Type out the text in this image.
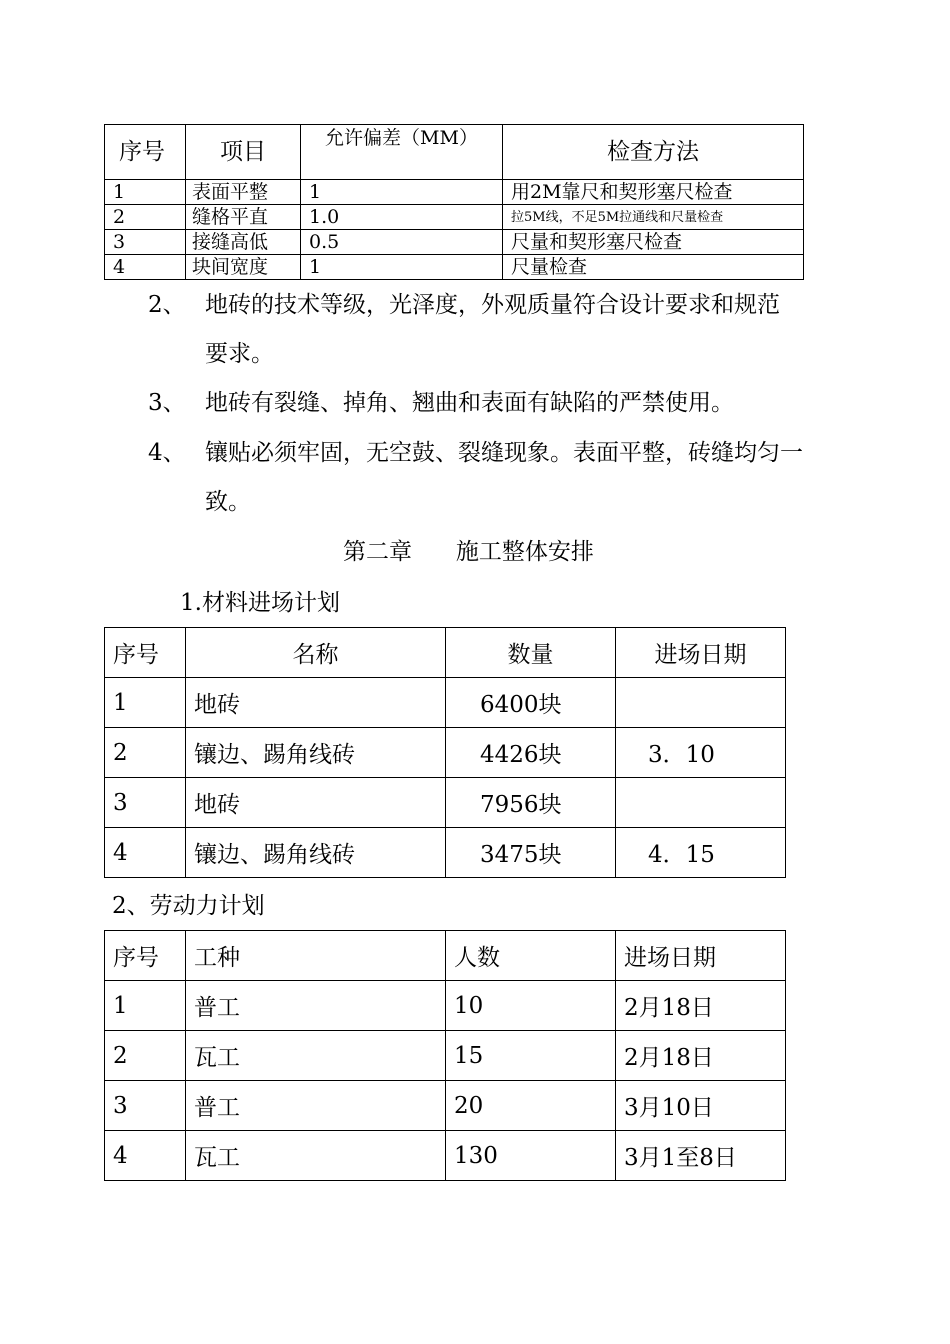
序号	项目	允许偏差（MM）	检查方法
1	表面平整	1	用2M靠尺和契形塞尺检查
2	缝格平直	1.0	拉5M线，不足5M拉通线和尺量检查
3	接缝高低	0.5	尺量和契形塞尺检查
4	块间宽度	1	尺量检查
2、 地砖的技术等级，光泽度，外观质量符合设计要求和规范
要求。
3、 地砖有裂缝、掉角、翘曲和表面有缺陷的严禁使用。
4、 镶贴必须牢固，无空鼓、裂缝现象。表面平整，砖缝均匀一
致。
第二章      施工整体安排
1.材料进场计划
序号	名称	数量	进场日期
1	地砖	6400块	
2	镶边、踢角线砖	4426块	3．10
3	地砖	7956块	
4	镶边、踢角线砖	3475块	4．15
2、劳动力计划
序号	工种	人数	进场日期
1	普工	10	2月18日
2	瓦工	15	2月18日
3	普工	20	3月10日
4	瓦工	130	3月1至8日
